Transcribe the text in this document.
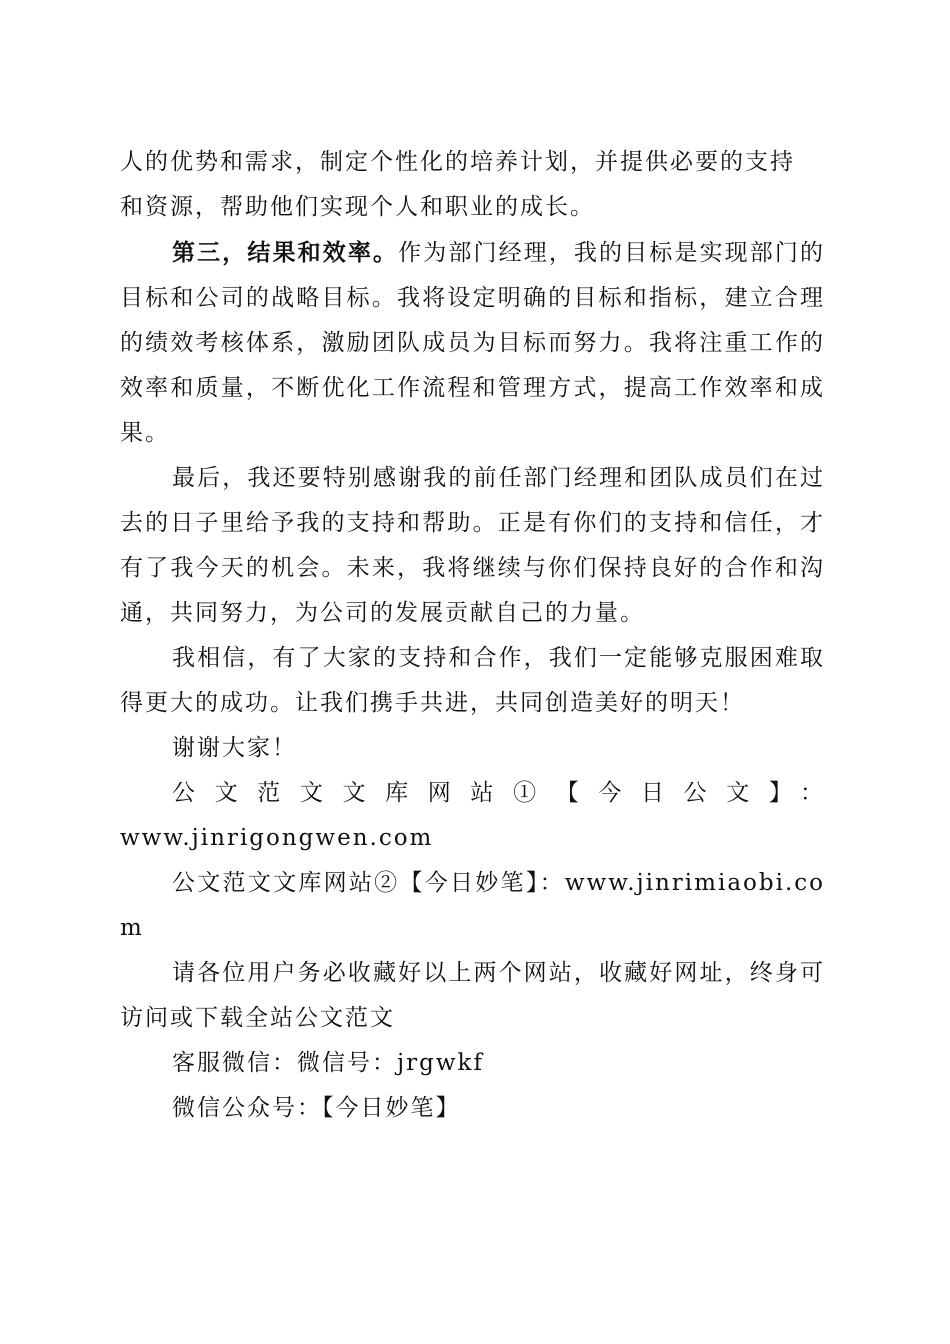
人的优势和需求，制定个性化的培养计划，并提供必要的支持
和资源，帮助他们实现个人和职业的成长。

第三，结果和效率。作为部门经理，我的目标是实现部门的目标和公司的战略目标。我将设定明确的目标和指标，建立合理的绩效考核体系，激励团队成员为目标而努力。我将注重工作的效率和质量，不断优化工作流程和管理方式，提高工作效率和成果。

最后，我还要特别感谢我的前任部门经理和团队成员们在过去的日子里给予我的支持和帮助。正是有你们的支持和信任，才有了我今天的机会。未来，我将继续与你们保持良好的合作和沟通，共同努力，为公司的发展贡献自己的力量。

我相信，有了大家的支持和合作，我们一定能够克服困难取得更大的成功。让我们携手共进，共同创造美好的明天！

谢谢大家！

公文范文文库网站①【今日公文】：

www.jinrigongwen.com

公文范文文库网站②【今日妙笔】：www.jinrimiaobi.com

请各位用户务必收藏好以上两个网站，收藏好网址，终身可访问或下载全站公文范文

客服微信：微信号：jrgwkf

微信公众号：【今日妙笔】
